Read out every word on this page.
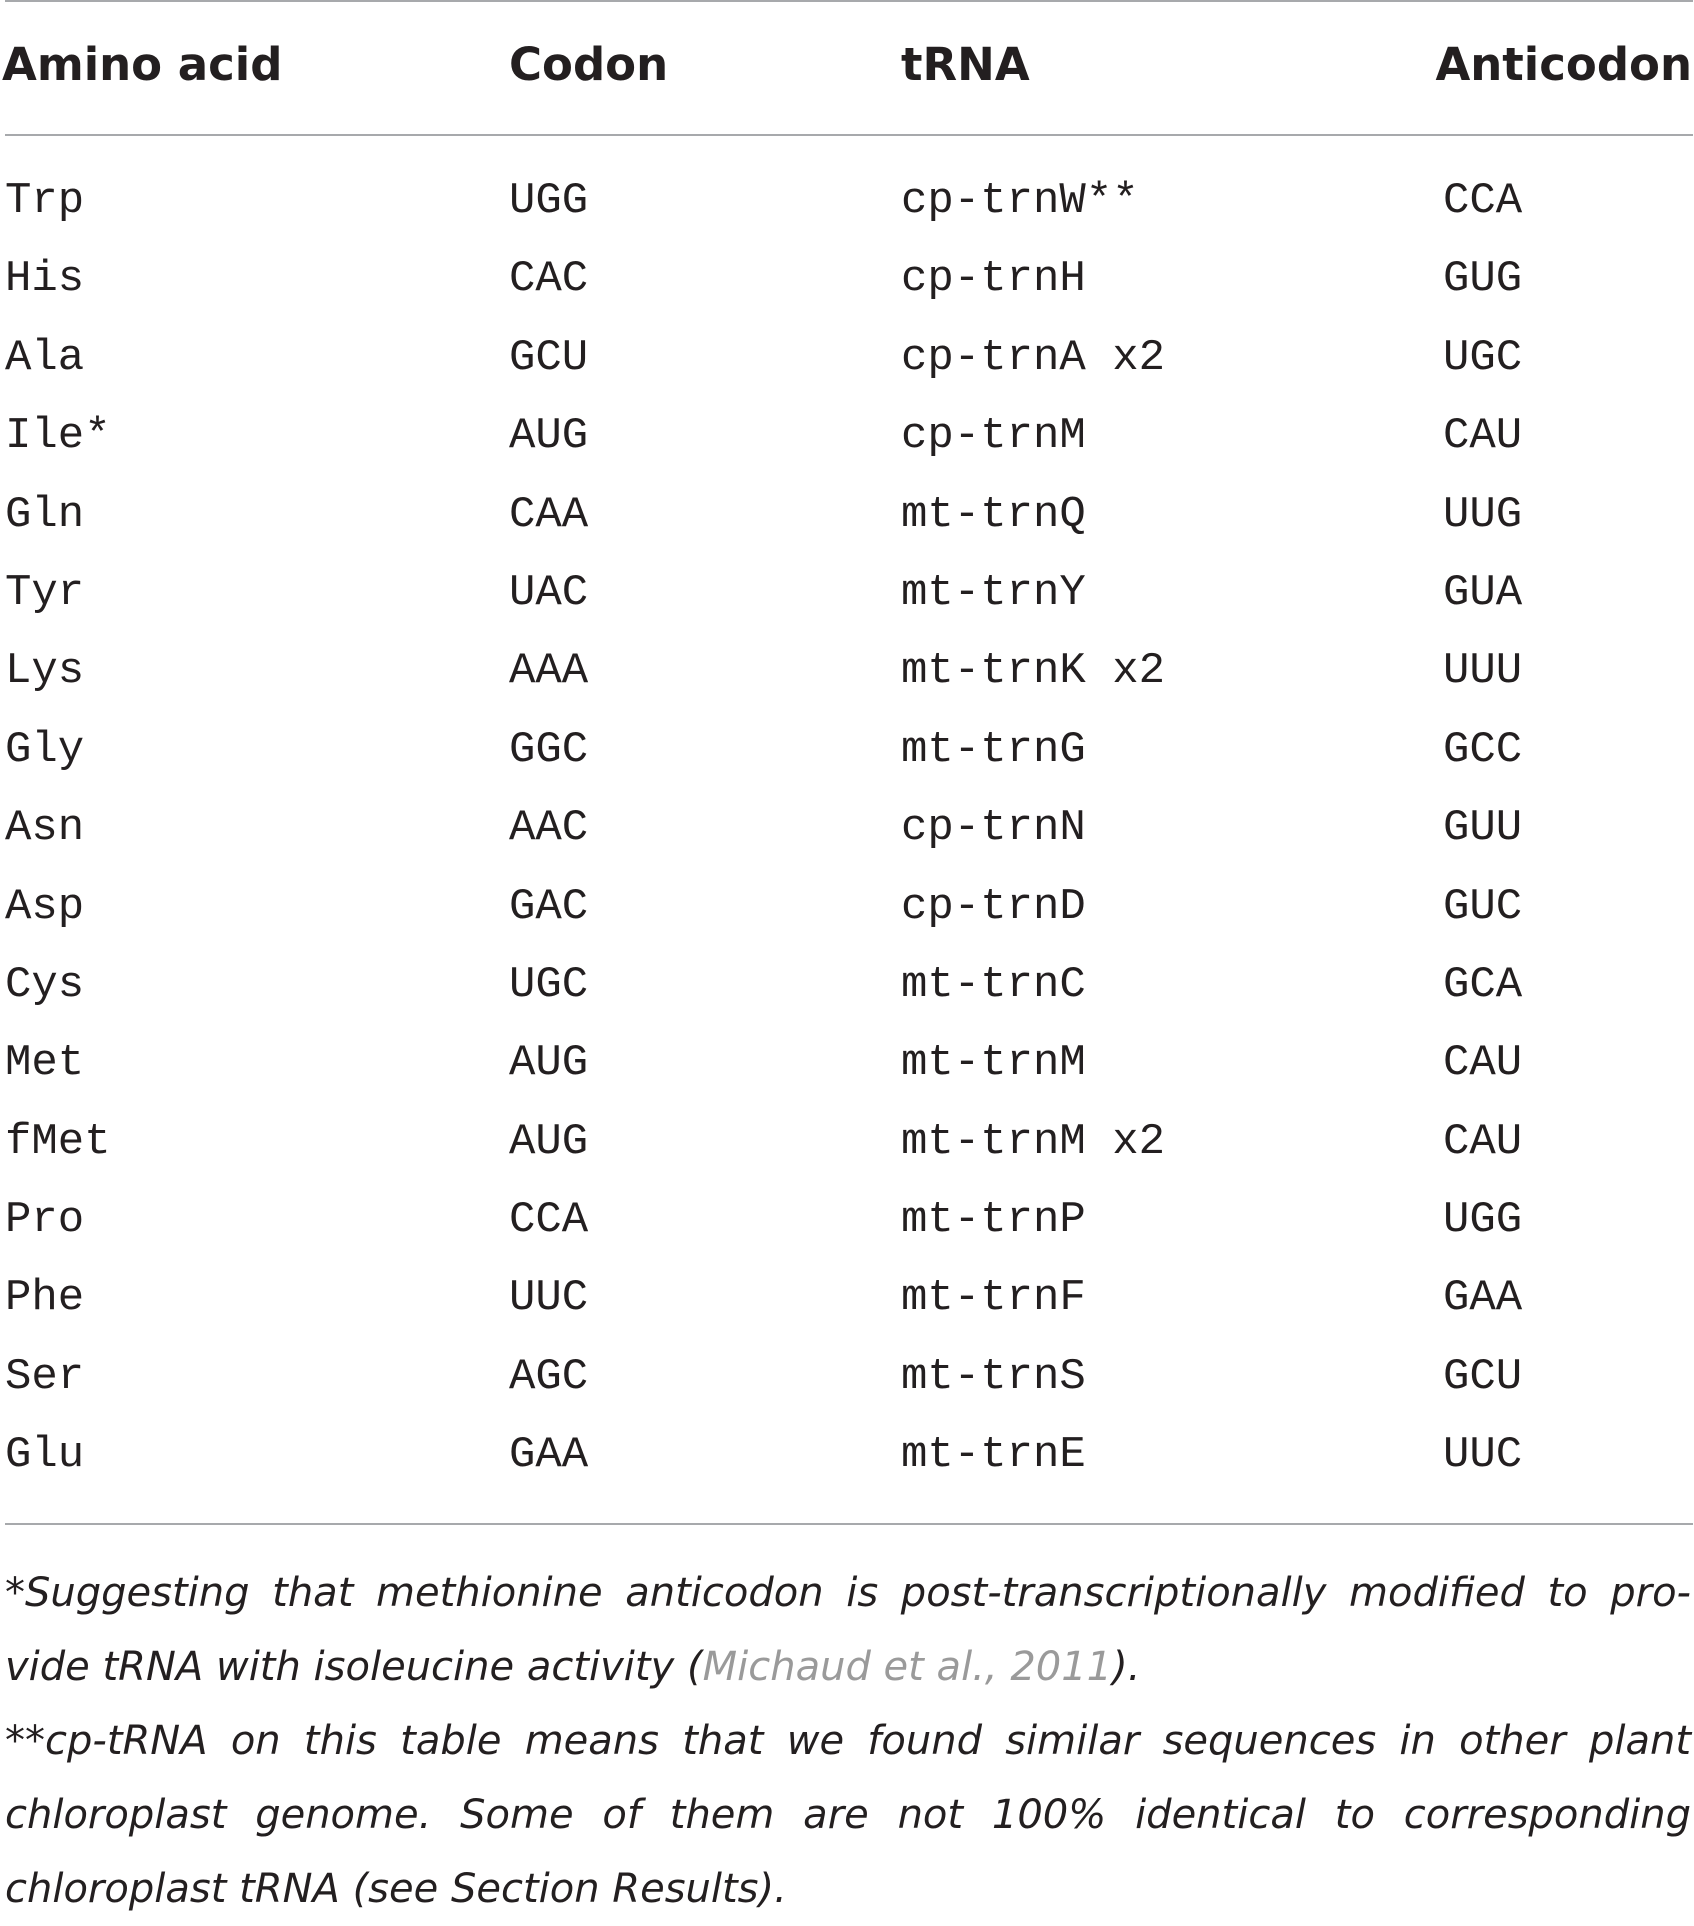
Amino acid	Codon	tRNA	Anticodon
Trp	UGG	cp-trnW**	CCA
His	CAC	cp-trnH	GUG
Ala	GCU	cp-trnA x2	UGC
Ile*	AUG	cp-trnM	CAU
Gln	CAA	mt-trnQ	UUG
Tyr	UAC	mt-trnY	GUA
Lys	AAA	mt-trnK x2	UUU
Gly	GGC	mt-trnG	GCC
Asn	AAC	cp-trnN	GUU
Asp	GAC	cp-trnD	GUC
Cys	UGC	mt-trnC	GCA
Met	AUG	mt-trnM	CAU
fMet	AUG	mt-trnM x2	CAU
Pro	CCA	mt-trnP	UGG
Phe	UUC	mt-trnF	GAA
Ser	AGC	mt-trnS	GCU
Glu	GAA	mt-trnE	UUC

*Suggesting that methionine anticodon is post-transcriptionally modified to pro- vide tRNA with isoleucine activity (Michaud et al., 2011).

**cp-tRNA on this table means that we found similar sequences in other plant chloroplast genome. Some of them are not 100% identical to corresponding chloroplast tRNA (see Section Results).
